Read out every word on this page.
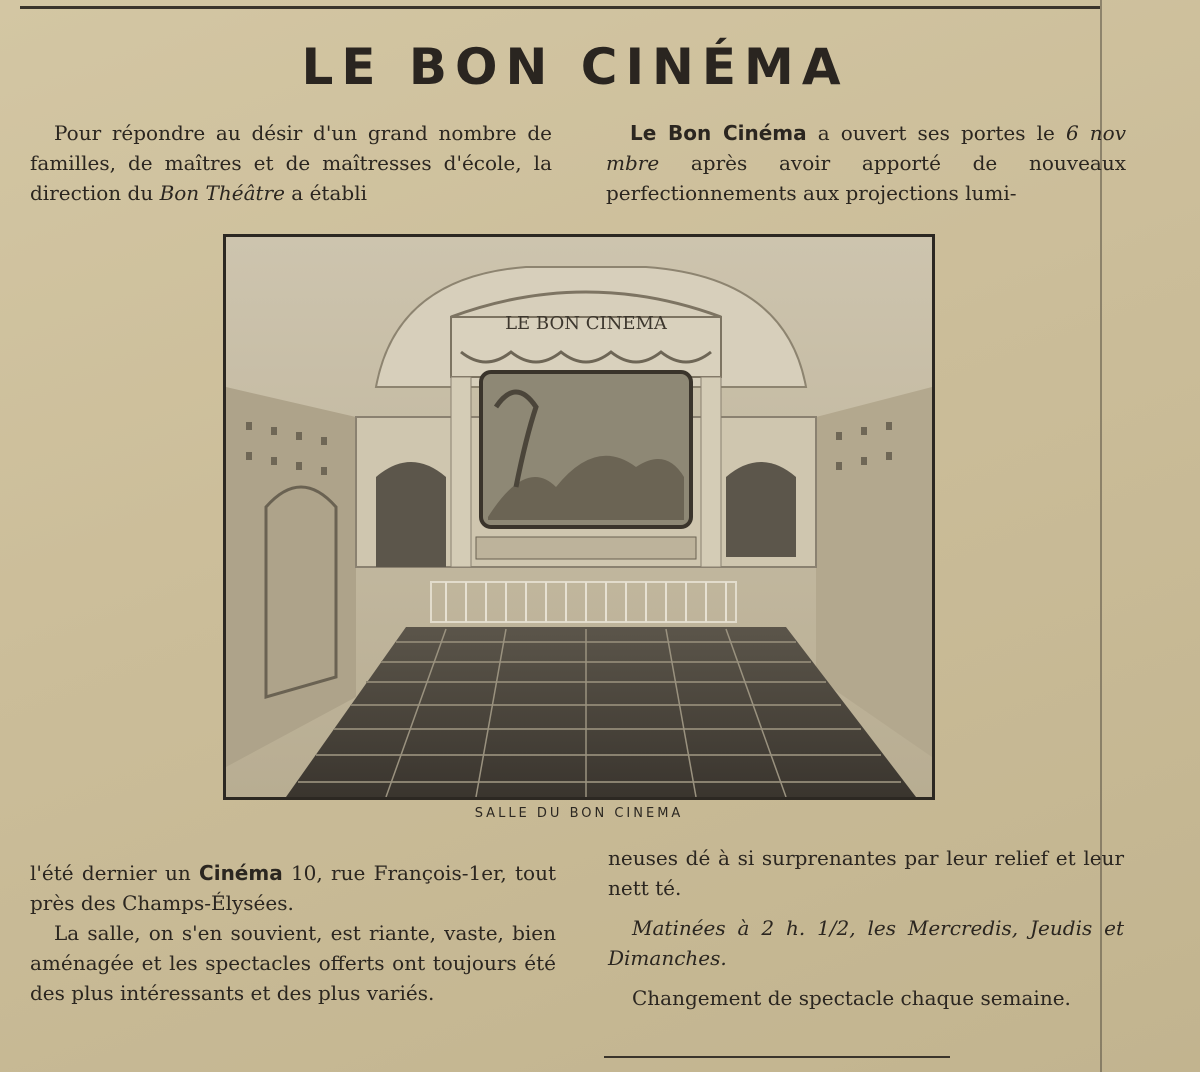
LE BON CINÉMA

Pour répondre au désir d'un grand nombre de familles, de maîtres et de maîtresses d'école, la direction du Bon Théâtre a établi

Le Bon Cinéma a ouvert ses portes le 6 nov mbre après avoir apporté de nouveaux perfectionnements aux projections lumi-

LE BON CINEMA
SALLE DU BON CINEMA

l'été dernier un Cinéma 10, rue François-1er, tout près des Champs-Élysées.

La salle, on s'en souvient, est riante, vaste, bien aménagée et les spectacles offerts ont toujours été des plus intéressants et des plus variés.

neuses dé à si surprenantes par leur relief et leur nett té.

Matinées à 2 h. 1/2, les Mercredis, Jeudis et Dimanches.

Changement de spectacle chaque semaine.
